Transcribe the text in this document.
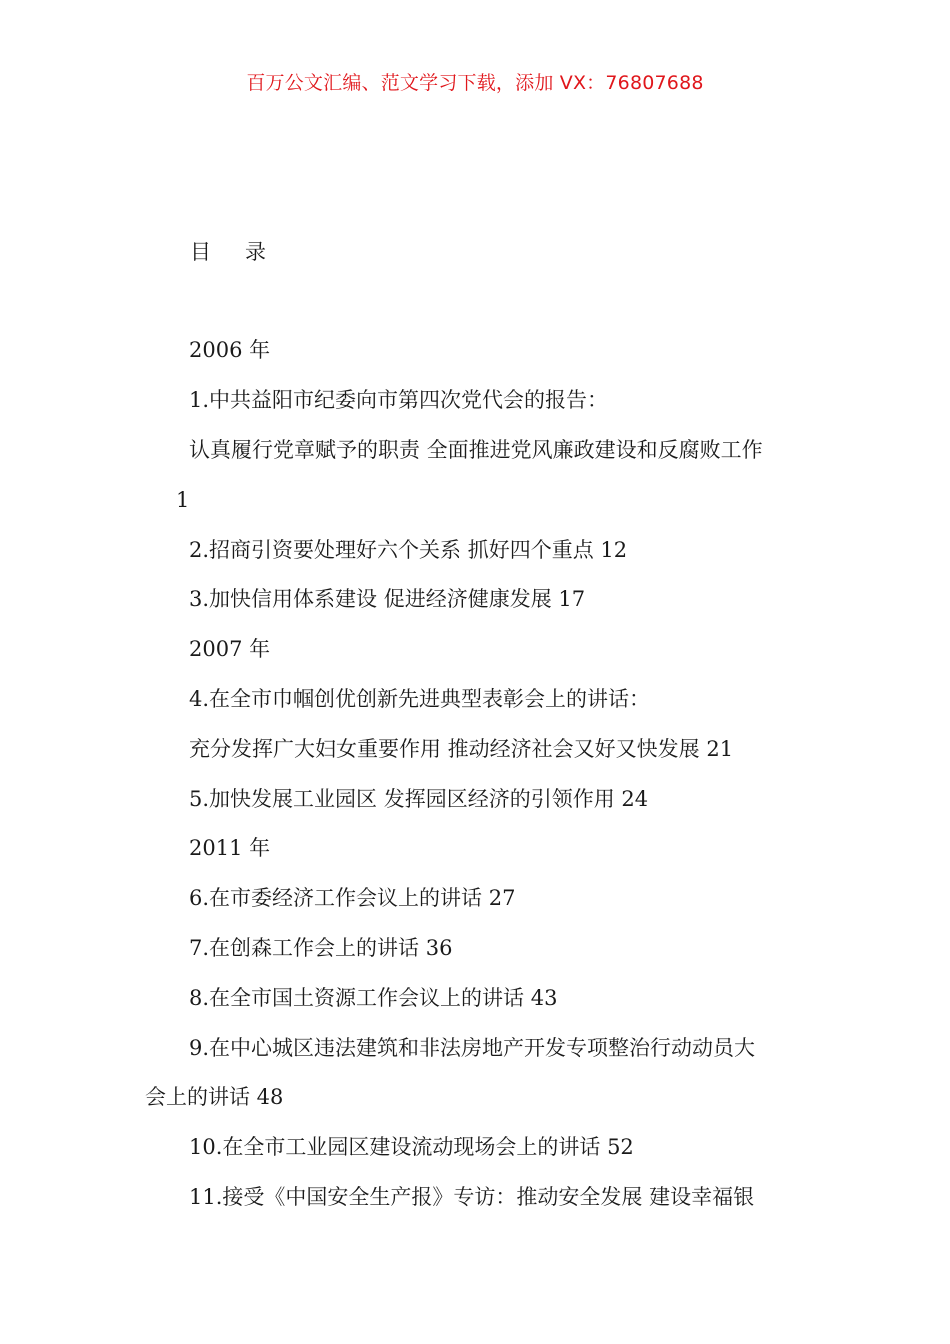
百万公文汇编、范文学习下载，添加 VX：76807688
目 录
2006 年
1.中共益阳市纪委向市第四次党代会的报告：
认真履行党章赋予的职责 全面推进党风廉政建设和反腐败工作
1
2.招商引资要处理好六个关系 抓好四个重点 12
3.加快信用体系建设 促进经济健康发展 17
2007 年
4.在全市巾帼创优创新先进典型表彰会上的讲话：
充分发挥广大妇女重要作用 推动经济社会又好又快发展 21
5.加快发展工业园区 发挥园区经济的引领作用 24
2011 年
6.在市委经济工作会议上的讲话 27
7.在创森工作会上的讲话 36
8.在全市国土资源工作会议上的讲话 43
9.在中心城区违法建筑和非法房地产开发专项整治行动动员大
会上的讲话 48
10.在全市工业园区建设流动现场会上的讲话 52
11.接受《中国安全生产报》专访：推动安全发展 建设幸福银
